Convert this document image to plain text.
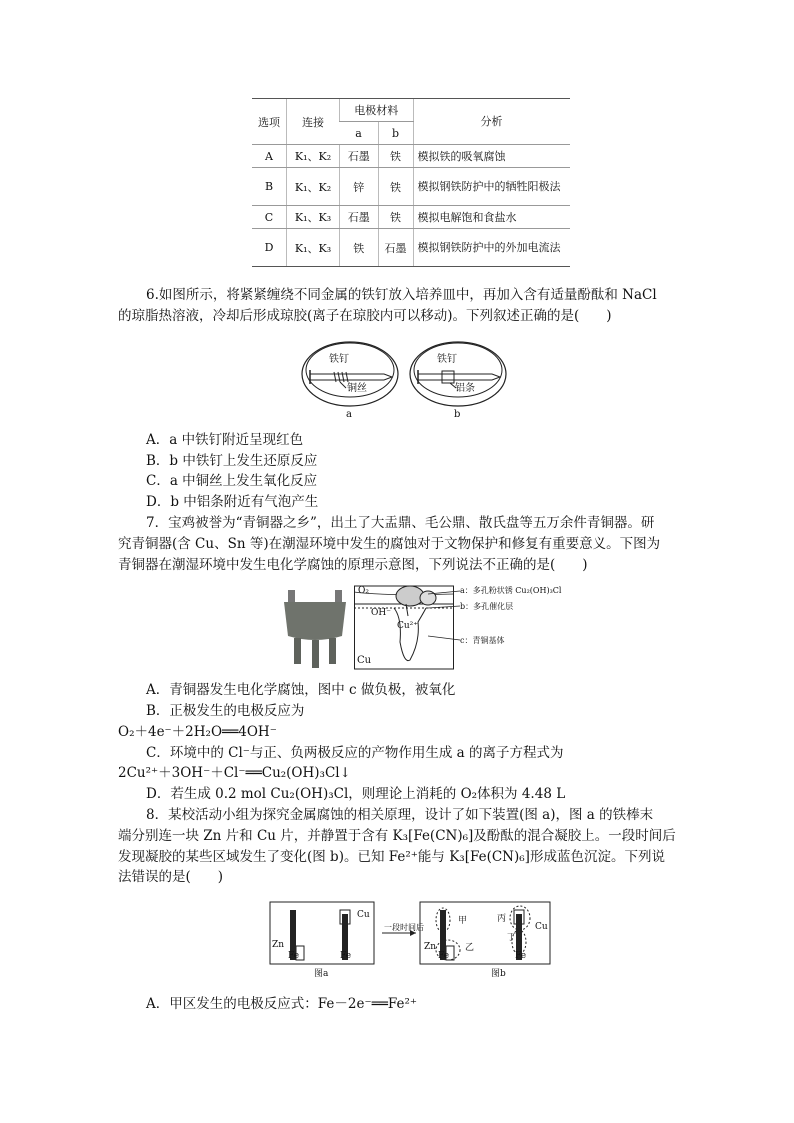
选项	连接	电极材料		分析
		a	b	
A	K₁、K₂	石墨	铁	模拟铁的吸氧腐蚀
B	K₁、K₂	锌	铁	模拟钢铁防护中的牺牲阳极法
C	K₁、K₃	石墨	铁	模拟电解饱和食盐水
D	K₁、K₃	铁	石墨	模拟钢铁防护中的外加电流法
6.如图所示，将紧紧缠绕不同金属的铁钉放入培养皿中，再加入含有适量酚酞和 NaCl
的琼脂热溶液，冷却后形成琼胶(离子在琼胶内可以移动)。下列叙述正确的是(　　)
铁钉
铜丝
铁钉
铝条
a	b
A．a 中铁钉附近呈现红色
B．b 中铁钉上发生还原反应
C．a 中铜丝上发生氧化反应
D．b 中铝条附近有气泡产生
7．宝鸡被誉为“青铜器之乡”，出土了大盂鼎、毛公鼎、散氏盘等五万余件青铜器。研
究青铜器(含 Cu、Sn 等)在潮湿环境中发生的腐蚀对于文物保护和修复有重要意义。下图为
青铜器在潮湿环境中发生电化学腐蚀的原理示意图，下列说法不正确的是(　　)
O₂
OH⁻
Cu²⁺
Cu
a：多孔粉状锈 Cu₂(OH)₃Cl
b：多孔催化层
c：青铜基体
A．青铜器发生电化学腐蚀，图中 c 做负极，被氧化
B．正极发生的电极反应为
O₂＋4e⁻＋2H₂O══4OH⁻
C．环境中的 Cl⁻与正、负两极反应的产物作用生成 a 的离子方程式为
2Cu²⁺＋3OH⁻＋Cl⁻══Cu₂(OH)₃Cl↓
D．若生成 0.2 mol Cu₂(OH)₃Cl，则理论上消耗的 O₂体积为 4.48 L
8．某校活动小组为探究金属腐蚀的相关原理，设计了如下装置(图 a)，图 a 的铁棒末
端分别连一块 Zn 片和 Cu 片，并静置于含有 K₃[Fe(CN)₆]及酚酞的混合凝胶上。一段时间后
发现凝胶的某些区域发生了变化(图 b)。已知 Fe²⁺能与 K₃[Fe(CN)₆]形成蓝色沉淀。下列说
法错误的是(　　)
Zn
Cu
Fe	Fe
一段时间后
甲	丙
乙
丁
Zn
Cu
Fe	Fe
图a	图b
A．甲区发生的电极反应式：Fe－2e⁻══Fe²⁺
